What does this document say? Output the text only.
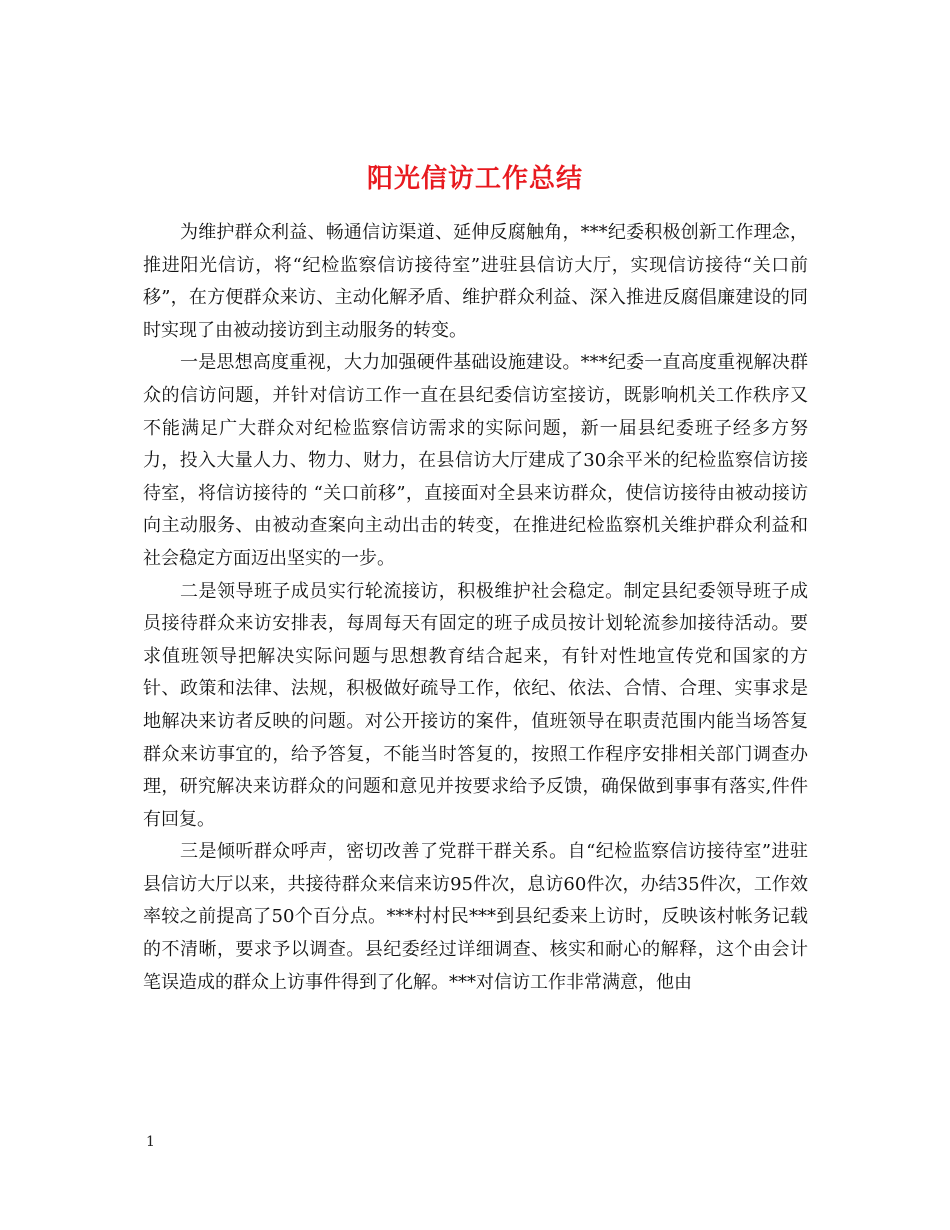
阳光信访工作总结

为维护群众利益、畅通信访渠道、延伸反腐触角，***纪委积极创新工作理念，推进阳光信访，将“纪检监察信访接待室”进驻县信访大厅，实现信访接待“关口前移”，在方便群众来访、主动化解矛盾、维护群众利益、深入推进反腐倡廉建设的同时实现了由被动接访到主动服务的转变。

一是思想高度重视，大力加强硬件基础设施建设。***纪委一直高度重视解决群众的信访问题，并针对信访工作一直在县纪委信访室接访，既影响机关工作秩序又不能满足广大群众对纪检监察信访需求的实际问题，新一届县纪委班子经多方努力，投入大量人力、物力、财力，在县信访大厅建成了30余平米的纪检监察信访接待室，将信访接待的 “关口前移”，直接面对全县来访群众，使信访接待由被动接访向主动服务、由被动查案向主动出击的转变，在推进纪检监察机关维护群众利益和社会稳定方面迈出坚实的一步。

二是领导班子成员实行轮流接访，积极维护社会稳定。制定县纪委领导班子成员接待群众来访安排表，每周每天有固定的班子成员按计划轮流参加接待活动。要求值班领导把解决实际问题与思想教育结合起来，有针对性地宣传党和国家的方针、政策和法律、法规，积极做好疏导工作，依纪、依法、合情、合理、实事求是地解决来访者反映的问题。对公开接访的案件，值班领导在职责范围内能当场答复群众来访事宜的，给予答复，不能当时答复的，按照工作程序安排相关部门调查办理，研究解决来访群众的问题和意见并按要求给予反馈，确保做到事事有落实,件件有回复。

三是倾听群众呼声，密切改善了党群干群关系。自“纪检监察信访接待室”进驻县信访大厅以来，共接待群众来信来访95件次，息访60件次，办结35件次，工作效率较之前提高了50个百分点。***村村民***到县纪委来上访时，反映该村帐务记载的不清晰，要求予以调查。县纪委经过详细调查、核实和耐心的解释，这个由会计笔误造成的群众上访事件得到了化解。***对信访工作非常满意，他由

1
